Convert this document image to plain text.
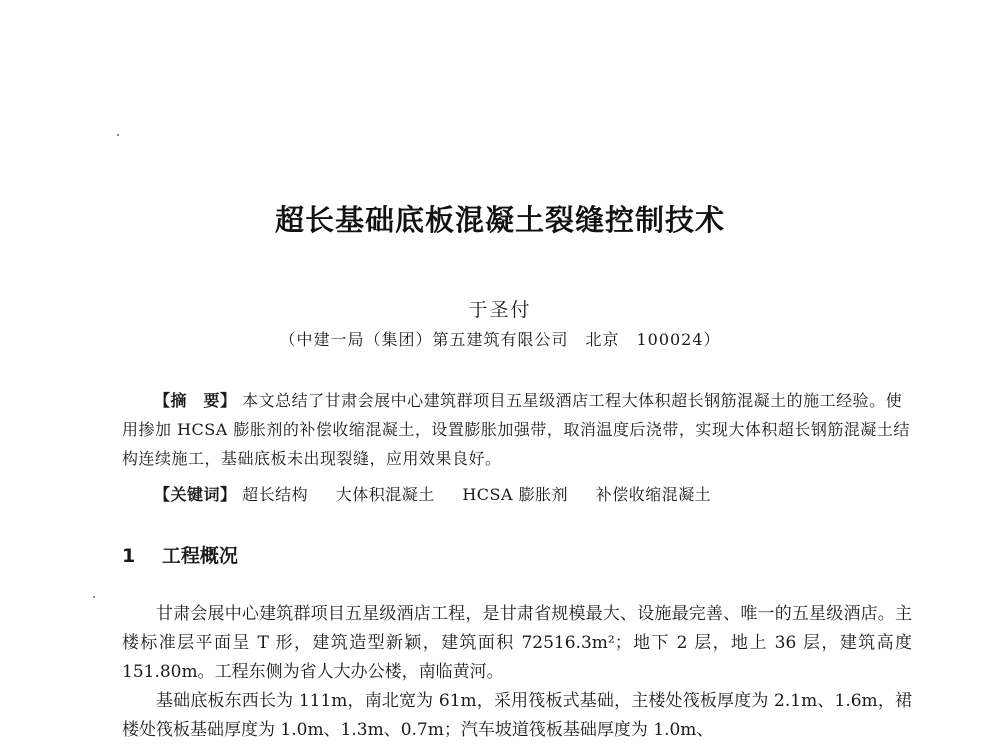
超长基础底板混凝土裂缝控制技术
于圣付
（中建一局（集团）第五建筑有限公司　北京　100024）
【摘　要】 本文总结了甘肃会展中心建筑群项目五星级酒店工程大体积超长钢筋混凝土的施工经验。使用掺加 HCSA 膨胀剂的补偿收缩混凝土，设置膨胀加强带，取消温度后浇带，实现大体积超长钢筋混凝土结构连续施工，基础底板未出现裂缝，应用效果良好。
【关键词】 超长结构 大体积混凝土 HCSA 膨胀剂 补偿收缩混凝土
1 工程概况

甘肃会展中心建筑群项目五星级酒店工程，是甘肃省规模最大、设施最完善、唯一的五星级酒店。主楼标准层平面呈 T 形，建筑造型新颖，建筑面积 72516.3m²；地下 2 层，地上 36 层，建筑高度 151.80m。工程东侧为省人大办公楼，南临黄河。

基础底板东西长为 111m，南北宽为 61m，采用筏板式基础，主楼处筏板厚度为 2.1m、1.6m，裙楼处筏板基础厚度为 1.0m、1.3m、0.7m；汽车坡道筏板基础厚度为 1.0m、
